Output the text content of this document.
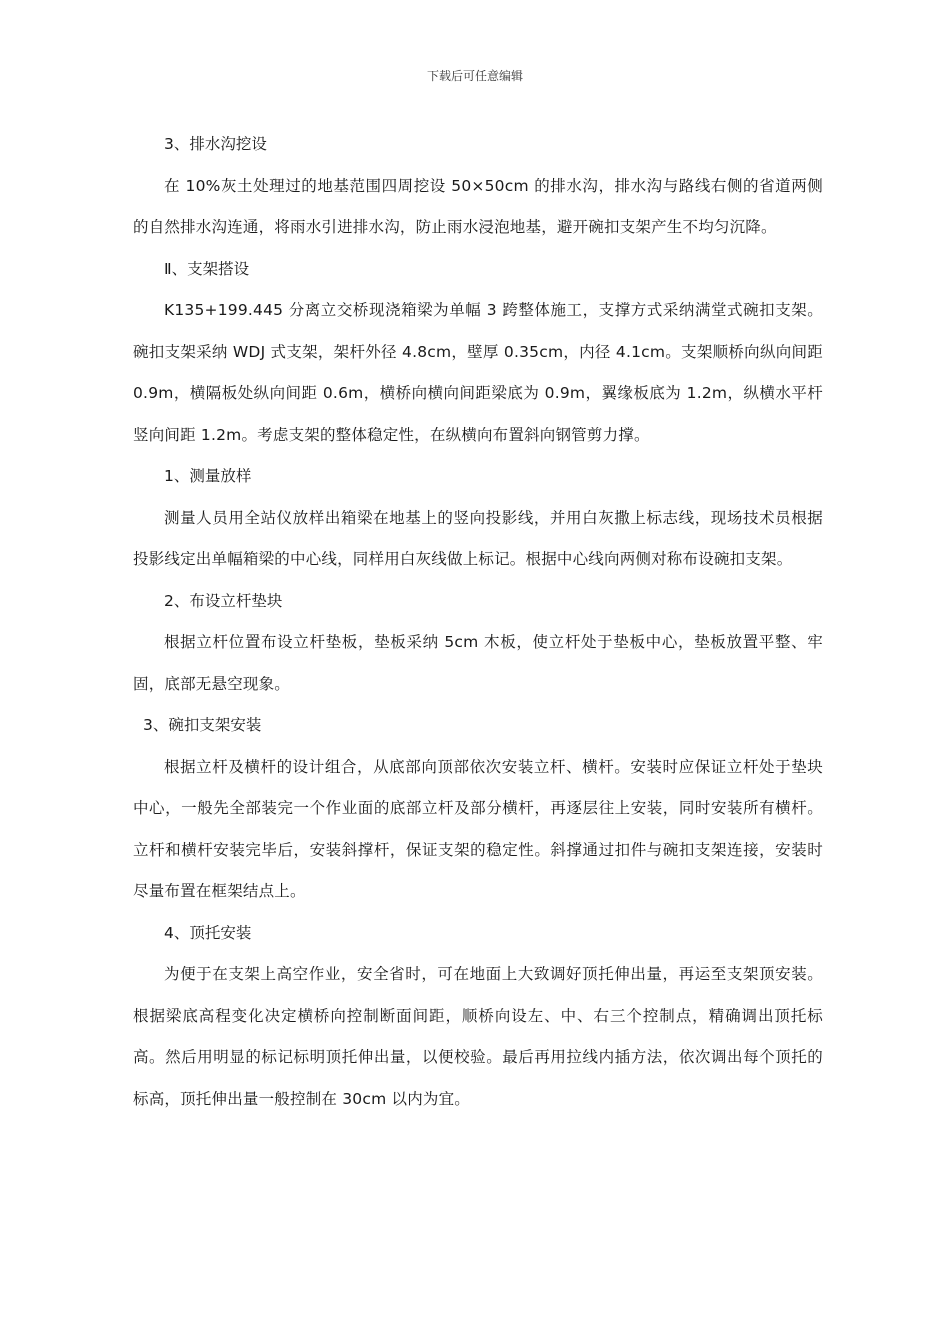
下载后可任意编辑

3、排水沟挖设

在 10%灰土处理过的地基范围四周挖设 50×50cm 的排水沟，排水沟与路线右侧的省道两侧的自然排水沟连通，将雨水引进排水沟，防止雨水浸泡地基，避开碗扣支架产生不均匀沉降。

Ⅱ、支架搭设

K135+199.445 分离立交桥现浇箱梁为单幅 3 跨整体施工，支撑方式采纳满堂式碗扣支架。碗扣支架采纳 WDJ 式支架，架杆外径 4.8cm，壁厚 0.35cm，内径 4.1cm。支架顺桥向纵向间距 0.9m，横隔板处纵向间距 0.6m，横桥向横向间距梁底为 0.9m，翼缘板底为 1.2m，纵横水平杆竖向间距 1.2m。考虑支架的整体稳定性，在纵横向布置斜向钢管剪力撑。

1、测量放样

测量人员用全站仪放样出箱梁在地基上的竖向投影线，并用白灰撒上标志线，现场技术员根据投影线定出单幅箱梁的中心线，同样用白灰线做上标记。根据中心线向两侧对称布设碗扣支架。

2、布设立杆垫块

根据立杆位置布设立杆垫板，垫板采纳 5cm 木板，使立杆处于垫板中心，垫板放置平整、牢固，底部无悬空现象。

3、碗扣支架安装

根据立杆及横杆的设计组合，从底部向顶部依次安装立杆、横杆。安装时应保证立杆处于垫块中心，一般先全部装完一个作业面的底部立杆及部分横杆，再逐层往上安装，同时安装所有横杆。立杆和横杆安装完毕后，安装斜撑杆，保证支架的稳定性。斜撑通过扣件与碗扣支架连接，安装时尽量布置在框架结点上。

4、顶托安装

为便于在支架上高空作业，安全省时，可在地面上大致调好顶托伸出量，再运至支架顶安装。根据梁底高程变化决定横桥向控制断面间距，顺桥向设左、中、右三个控制点，精确调出顶托标高。然后用明显的标记标明顶托伸出量，以便校验。最后再用拉线内插方法，依次调出每个顶托的标高，顶托伸出量一般控制在 30cm 以内为宜。
